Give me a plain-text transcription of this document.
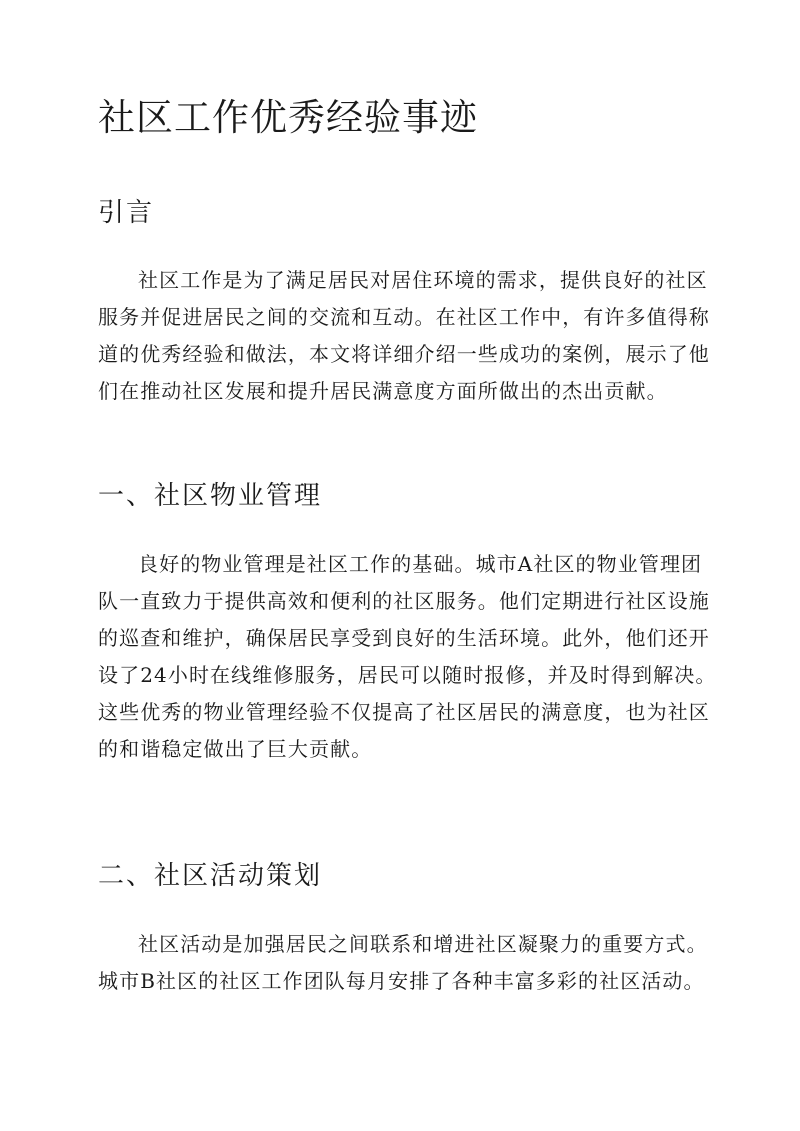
社区工作优秀经验事迹
引言
社区工作是为了满足居民对居住环境的需求，提供良好的社区
服务并促进居民之间的交流和互动。在社区工作中，有许多值得称
道的优秀经验和做法，本文将详细介绍一些成功的案例，展示了他
们在推动社区发展和提升居民满意度方面所做出的杰出贡献。
一、社区物业管理
良好的物业管理是社区工作的基础。城市A社区的物业管理团
队一直致力于提供高效和便利的社区服务。他们定期进行社区设施
的巡查和维护，确保居民享受到良好的生活环境。此外，他们还开
设了24小时在线维修服务，居民可以随时报修，并及时得到解决。
这些优秀的物业管理经验不仅提高了社区居民的满意度，也为社区
的和谐稳定做出了巨大贡献。
二、社区活动策划
社区活动是加强居民之间联系和增进社区凝聚力的重要方式。
城市B社区的社区工作团队每月安排了各种丰富多彩的社区活动。
